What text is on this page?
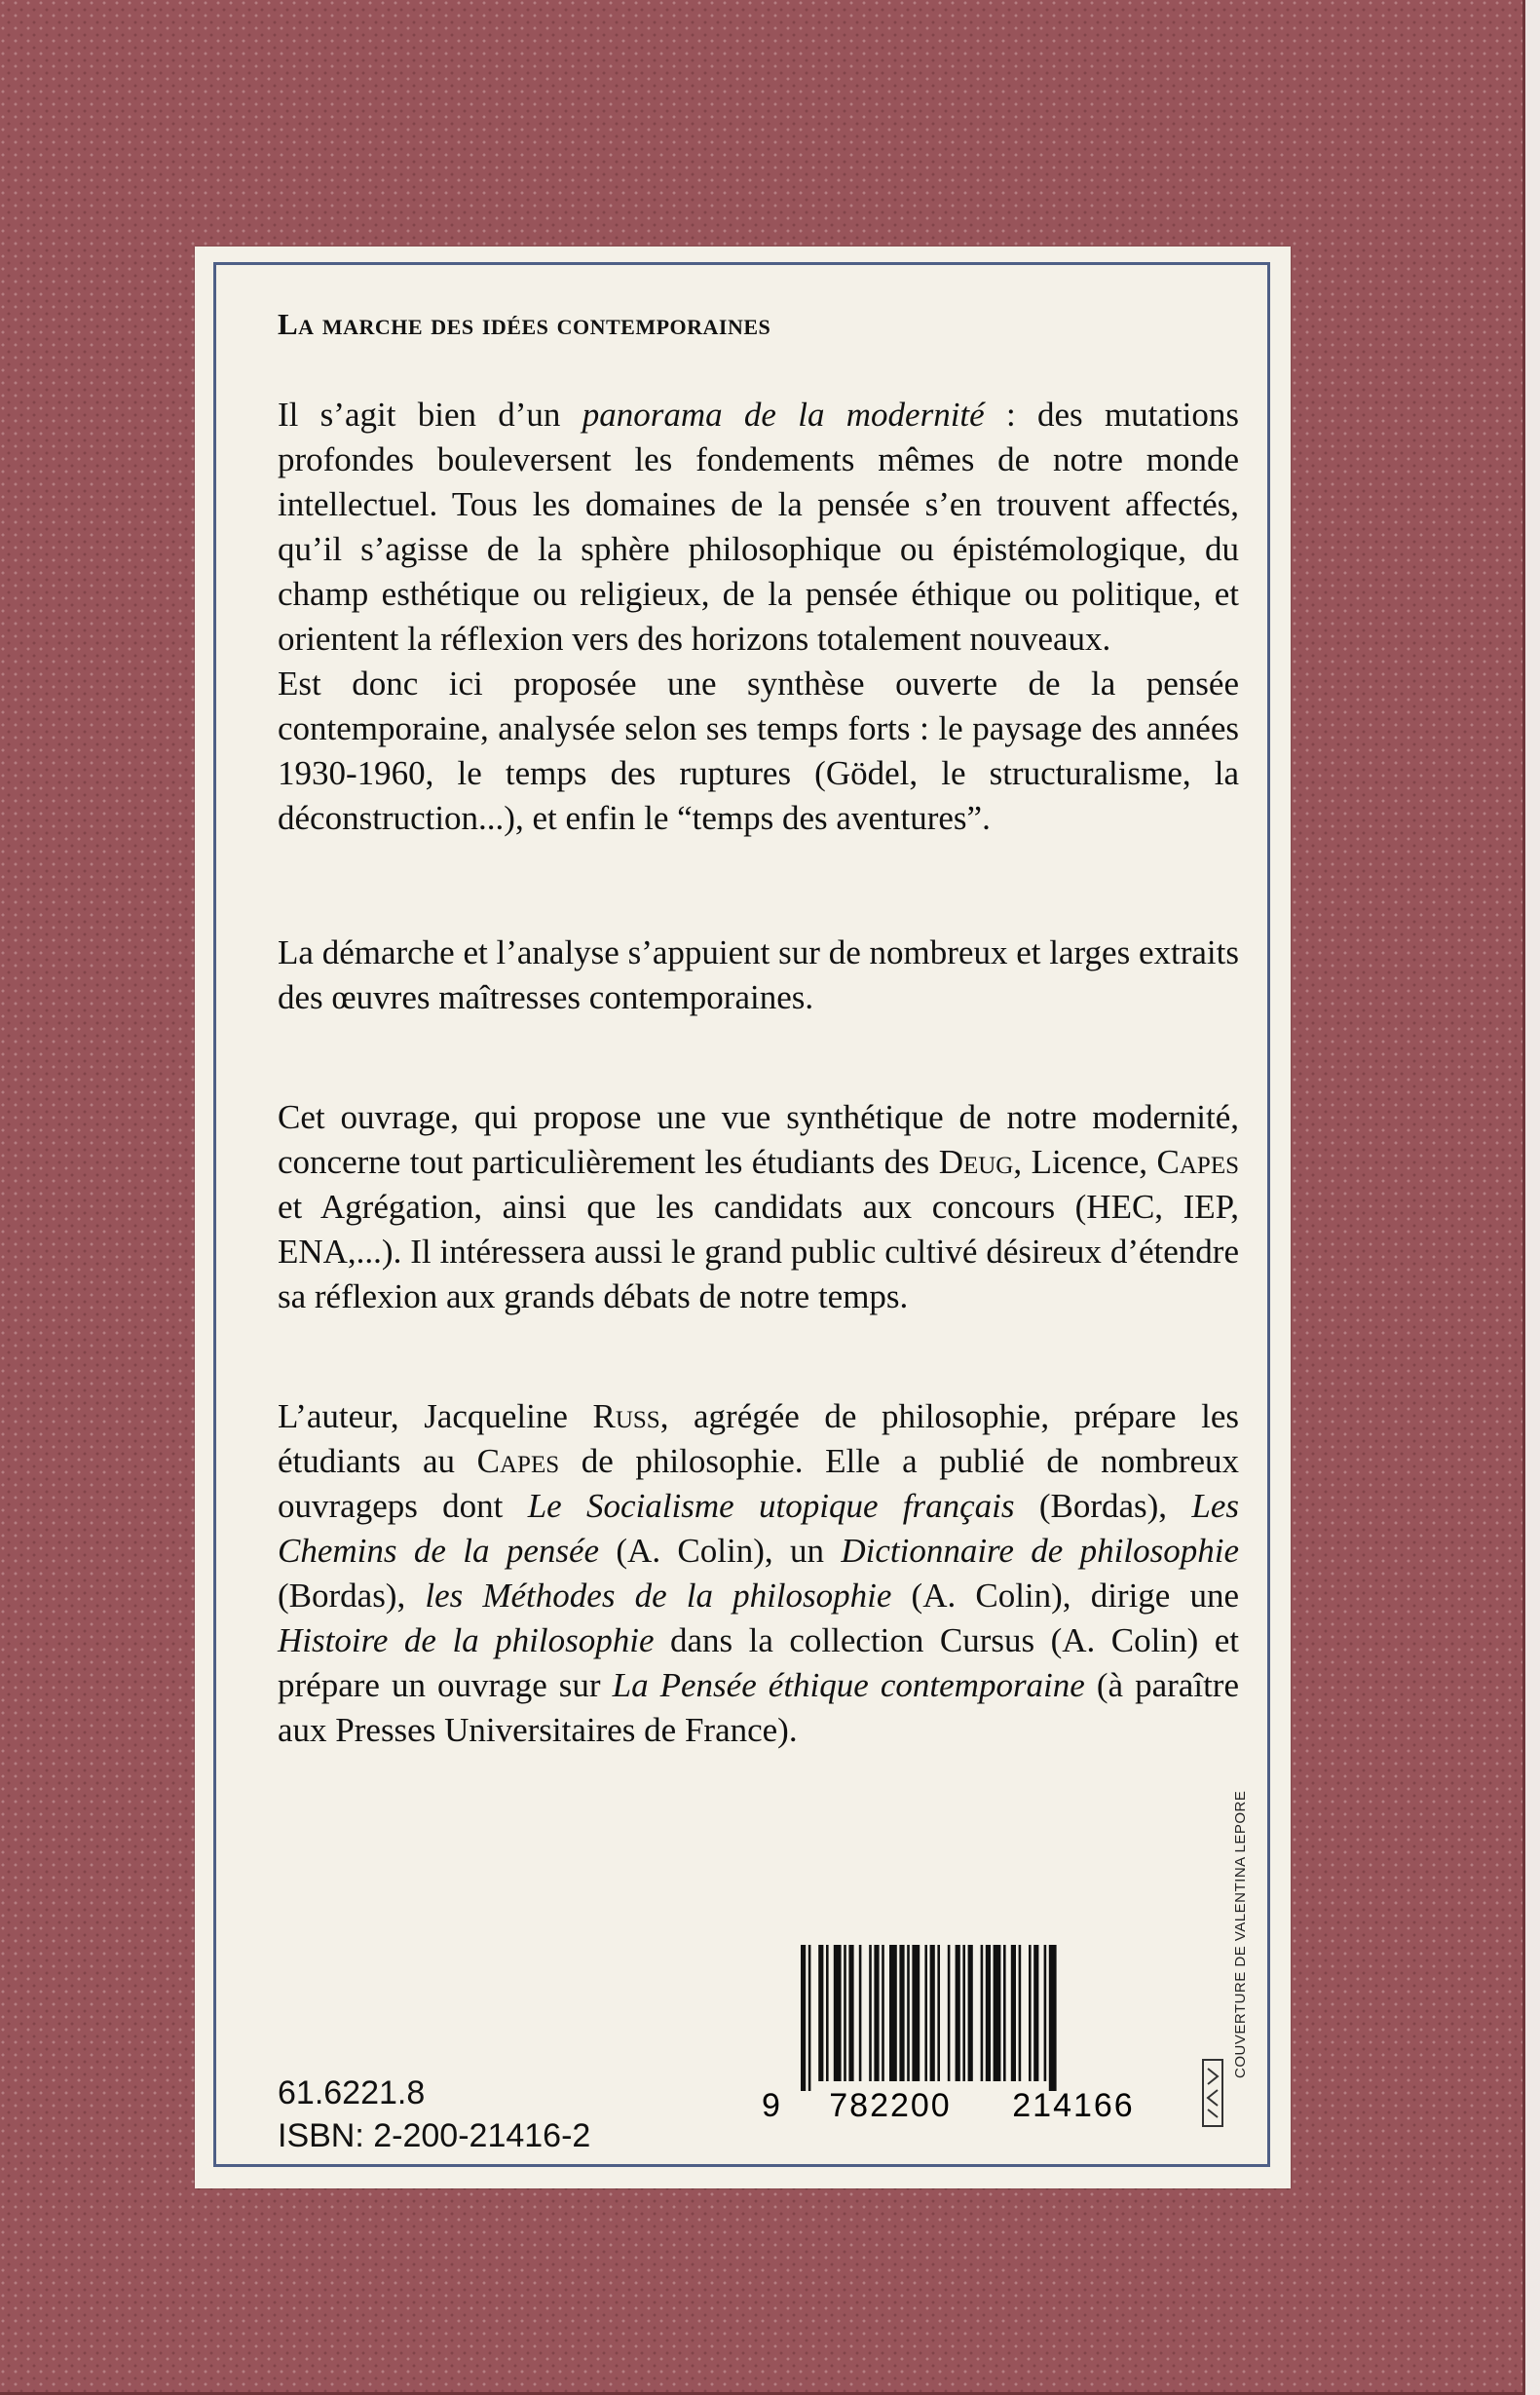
La marche des idées contemporaines

Il s’agit bien d’un panorama de la modernité : des mutations profondes bouleversent les fondements mêmes de notre monde intellectuel. Tous les domaines de la pensée s’en trouvent affectés, qu’il s’agisse de la sphère philosophique ou épistémologique, du champ esthétique ou religieux, de la pensée éthique ou politique, et orientent la réflexion vers des horizons totalement nouveaux.
Est donc ici proposée une synthèse ouverte de la pensée contemporaine, analysée selon ses temps forts : le paysage des années 1930-1960, le temps des ruptures (Gödel, le structuralisme, la déconstruction...), et enfin le “temps des aventures”.

La démarche et l’analyse s’appuient sur de nombreux et larges extraits des œuvres maîtresses contemporaines.

Cet ouvrage, qui propose une vue synthétique de notre modernité, concerne tout particulièrement les étudiants des Deug, Licence, Capes et Agrégation, ainsi que les candidats aux concours (HEC, IEP, ENA,...). Il intéressera aussi le grand public cultivé désireux d’étendre sa réflexion aux grands débats de notre temps.

L’auteur, Jacqueline Russ, agrégée de philosophie, prépare les étudiants au Capes de philosophie. Elle a publié de nombreux ouvrageps dont Le Socialisme utopique français (Bordas), Les Chemins de la pensée (A. Colin), un Dictionnaire de philosophie (Bordas), les Méthodes de la philosophie (A. Colin), dirige une Histoire de la philosophie dans la collection Cursus (A. Colin) et prépare un ouvrage sur La Pensée éthique contemporaine (à paraître aux Presses Universitaires de France).

61.6221.8
ISBN: 2-200-21416-2
9	782200	214166
COUVERTURE DE VALENTINA LEPORE
